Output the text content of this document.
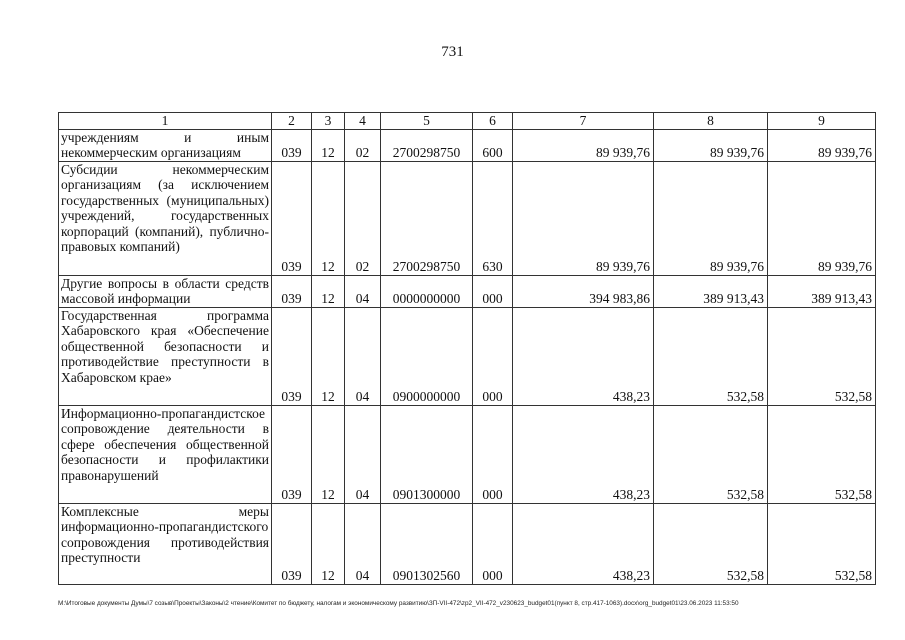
731
1	2	3	4	5	6	7	8	9
учреждениям и иным некоммерческим организациям	039	12	02	2700298750	600	89 939,76	89 939,76	89 939,76
Субсидии некоммерческим организациям (за исключением государственных (муниципальных) учреждений, государственных корпораций (компаний), публично-правовых компаний)	039	12	02	2700298750	630	89 939,76	89 939,76	89 939,76
Другие вопросы в области средств массовой информации	039	12	04	0000000000	000	394 983,86	389 913,43	389 913,43
Государственная программа Хабаровского края «Обеспечение общественной безопасности и противодействие преступности в Хабаровском крае»	039	12	04	0900000000	000	438,23	532,58	532,58
Информационно-пропагандистское сопровождение деятельности в сфере обеспечения общественной безопасности и профилактики правонарушений	039	12	04	0901300000	000	438,23	532,58	532,58
Комплексные меры информационно-пропагандистского сопровождения противодействия преступности	039	12	04	0901302560	000	438,23	532,58	532,58
M:\Итоговые документы Думы\7 созыв\Проекты\Законы\2 чтение\Комитет по бюджету, налогам и экономическому развитию\ЗП-VII-472\zp2_VII-472_v230623_budget01(пункт 8, стр.417-1063).docx\org_budget01\23.06.2023 11:53:50
